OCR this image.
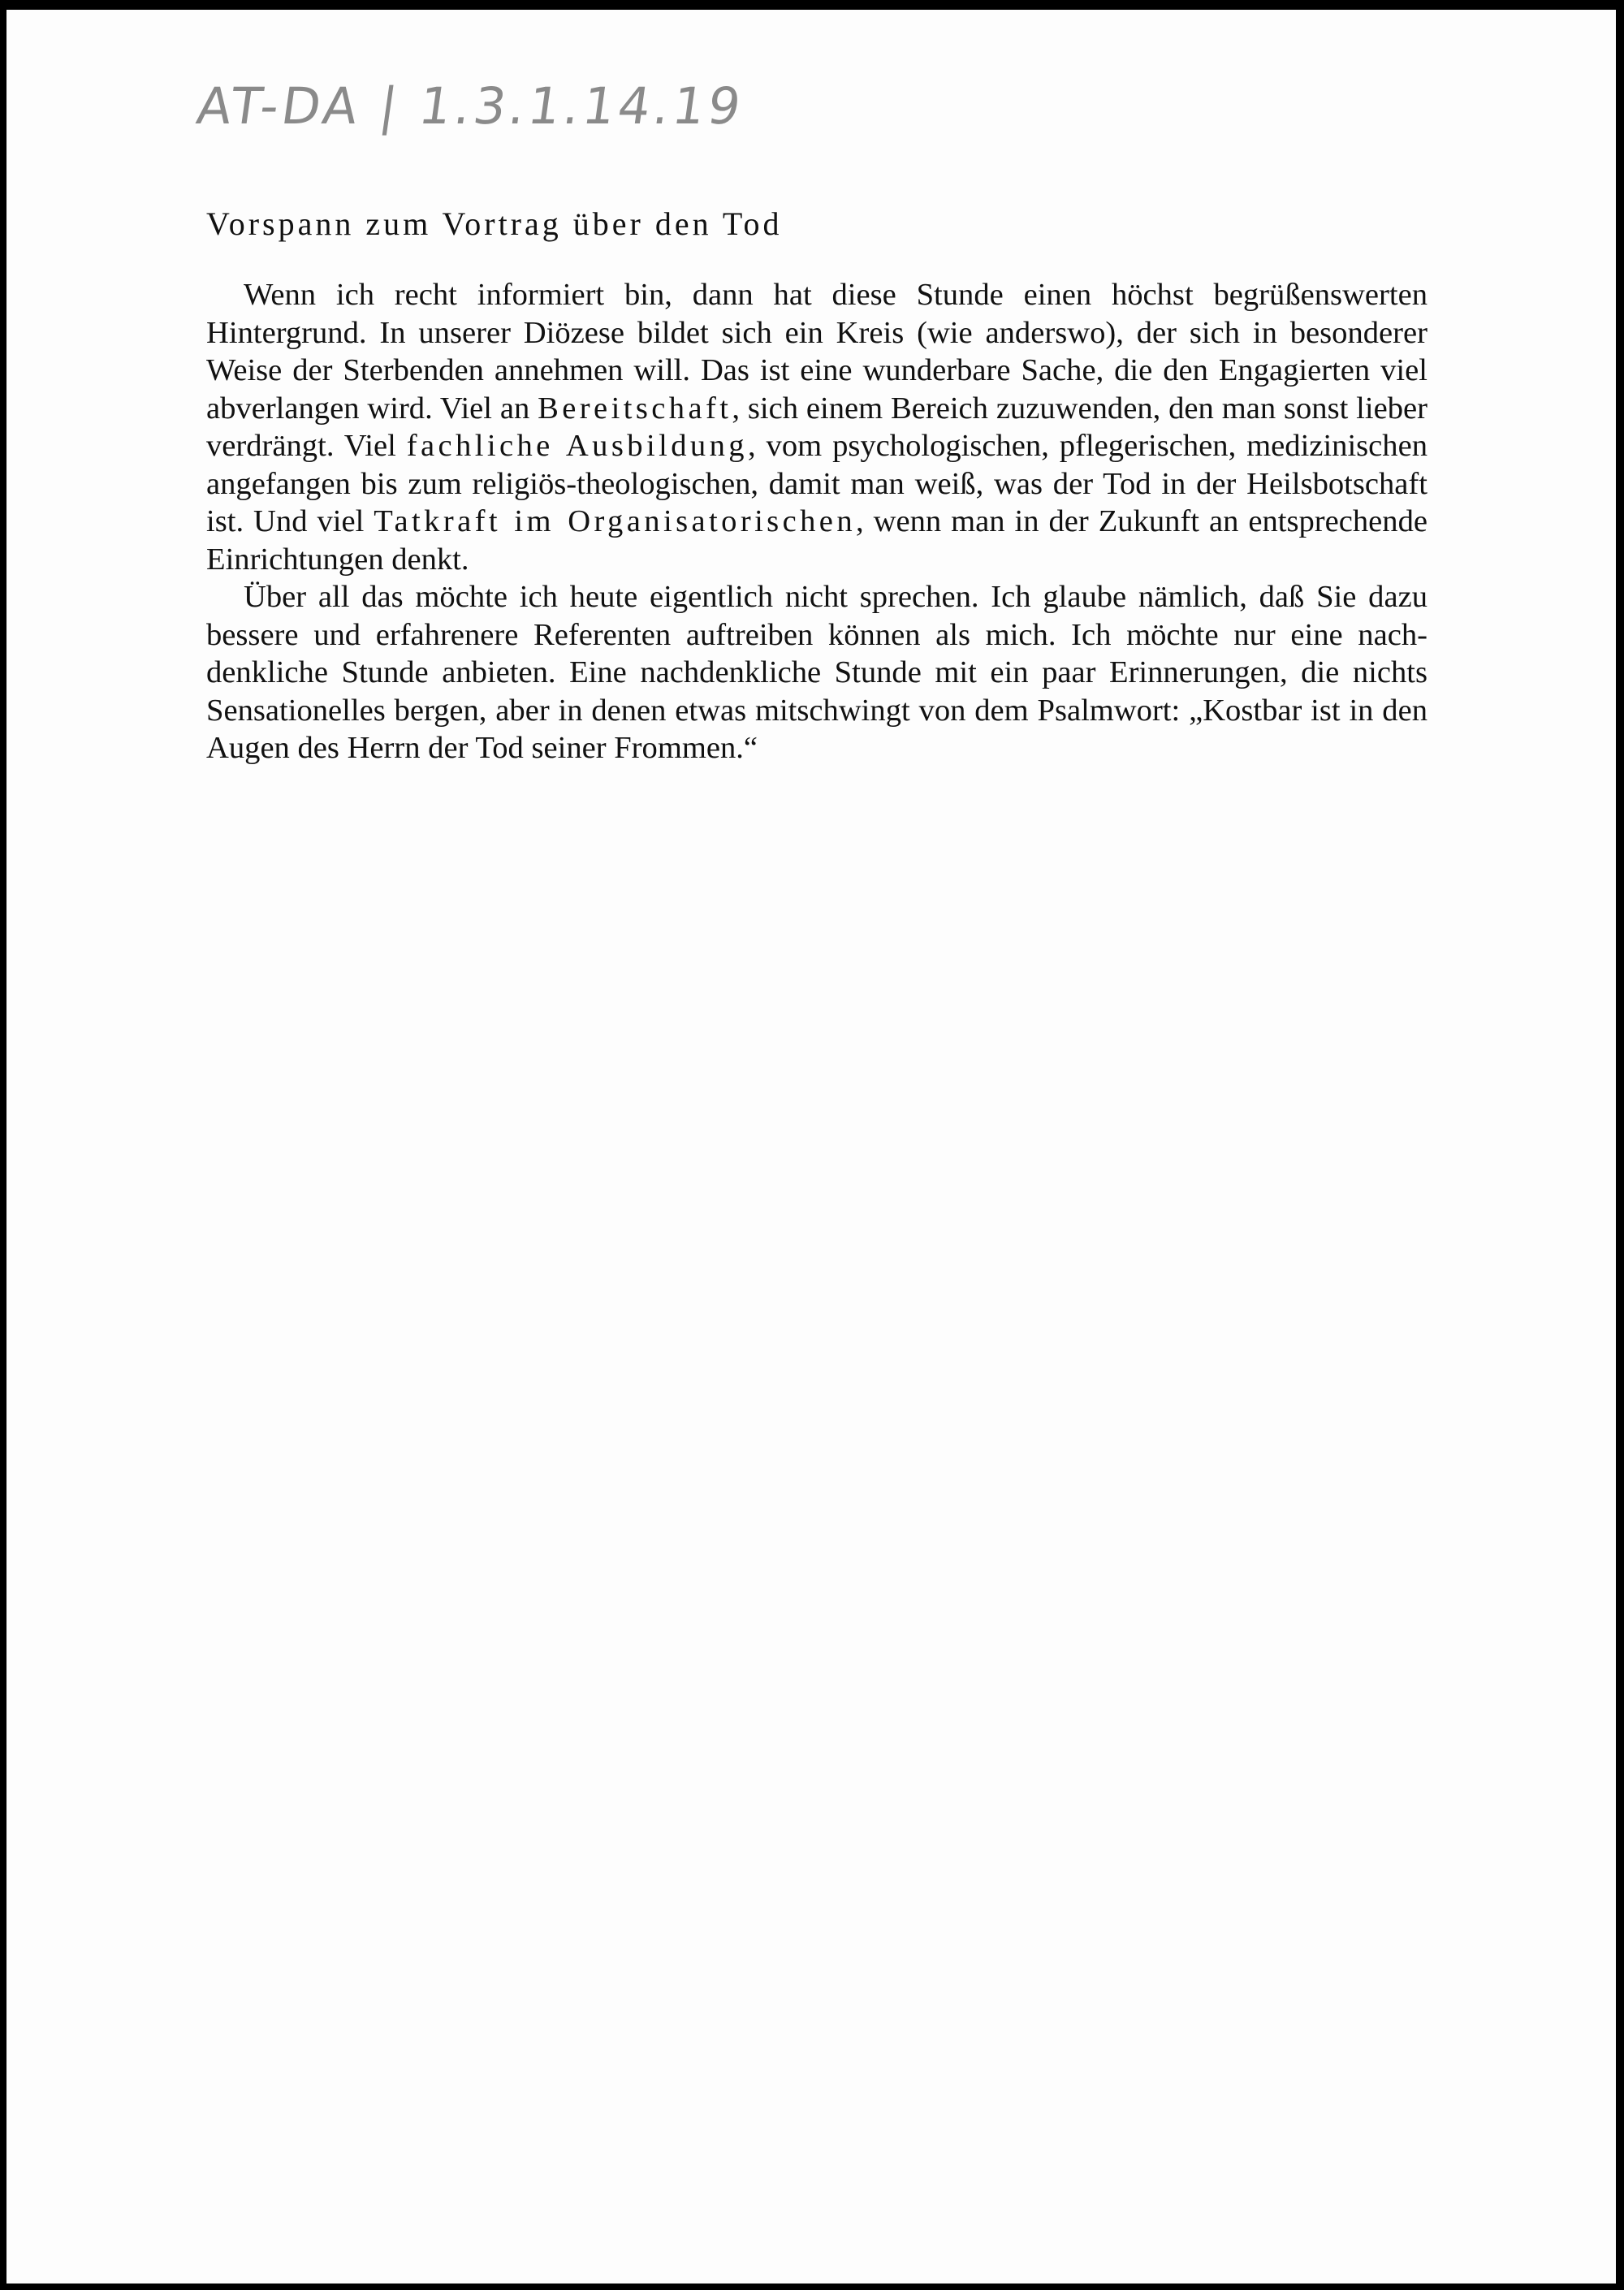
AT-DA | 1.3.1.14.19
Vorspann zum Vortrag über den Tod

Wenn ich recht informiert bin, dann hat diese Stunde einen höchst begrüßenswerten Hintergrund. In unserer Diözese bildet sich ein Kreis (wie anderswo), der sich in besonderer Weise der Sterbenden annehmen will. Das ist eine wunderbare Sache, die den Engagierten viel abverlangen wird. Viel an Bereitschaft, sich einem Bereich zuzuwenden, den man sonst lieber verdrängt. Viel fachliche Ausbildung, vom psychologischen, pflegerischen, medizinischen angefangen bis zum religiös-theologischen, damit man weiß, was der Tod in der Heilsbotschaft ist. Und viel Tatkraft im Organisatorischen, wenn man in der Zukunft an entsprechende Einrichtungen denkt.

Über all das möchte ich heute eigentlich nicht sprechen. Ich glaube nämlich, daß Sie dazu bessere und erfahrenere Referenten auftreiben können als mich. Ich möchte nur eine nachdenkliche Stunde anbieten. Eine nachdenkliche Stunde mit ein paar Erinnerungen, die nichts Sensationelles bergen, aber in denen etwas mitschwingt von dem Psalmwort: „Kostbar ist in den Augen des Herrn der Tod seiner Frommen.“
